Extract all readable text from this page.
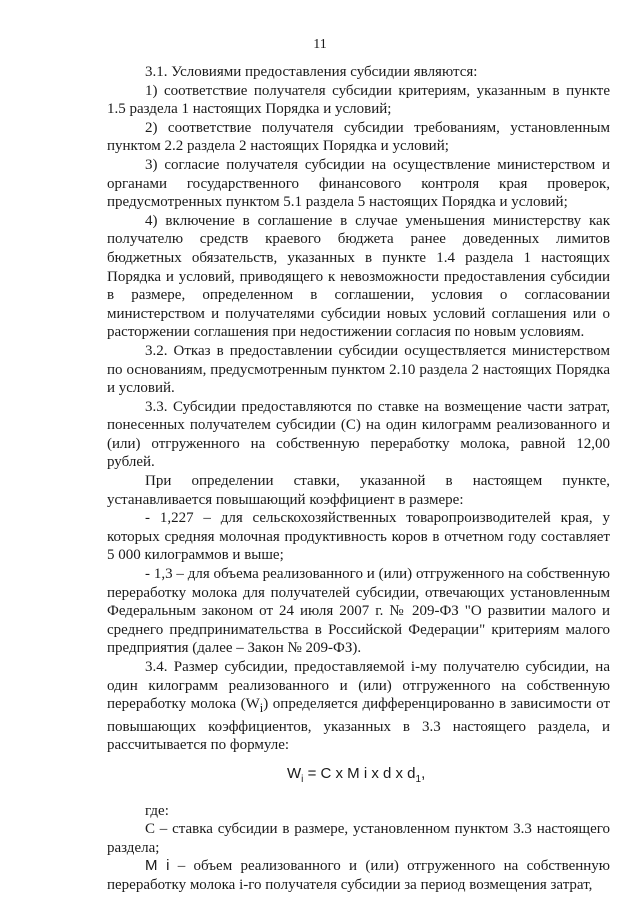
11

3.1. Условиями предоставления субсидии являются:

1) соответствие получателя субсидии критериям, указанным в пункте 1.5 раздела 1 настоящих Порядка и условий;

2) соответствие получателя субсидии требованиям, установленным пунктом 2.2 раздела 2 настоящих Порядка и условий;

3) согласие получателя субсидии на осуществление министерством и органами государственного финансового контроля края проверок, предусмотренных пунктом 5.1 раздела 5 настоящих Порядка и условий;

4) включение в соглашение в случае уменьшения министерству как получателю средств краевого бюджета ранее доведенных лимитов бюджетных обязательств, указанных в пункте 1.4 раздела 1 настоящих Порядка и условий, приводящего к невозможности предоставления субсидии в размере, определенном в соглашении, условия о согласовании министерством и получателями субсидии новых условий соглашения или о расторжении соглашения при недостижении согласия по новым условиям.

3.2. Отказ в предоставлении субсидии осуществляется министерством по основаниям, предусмотренным пунктом 2.10 раздела 2 настоящих Порядка и условий.

3.3. Субсидии предоставляются по ставке на возмещение части затрат, понесенных получателем субсидии (С) на один килограмм реализованного и (или) отгруженного на собственную переработку молока, равной 12,00 рублей.

При определении ставки, указанной в настоящем пункте, устанавливается повышающий коэффициент в размере:

- 1,227 – для сельскохозяйственных товаропроизводителей края, у которых средняя молочная продуктивность коров в отчетном году составляет 5 000 килограммов и выше;

- 1,3 – для объема реализованного и (или) отгруженного на собственную переработку молока для получателей субсидии, отвечающих установленным Федеральным законом от 24 июля 2007 г. № 209-ФЗ "О развитии малого и среднего предпринимательства в Российской Федерации" критериям малого предприятия (далее – Закон № 209-ФЗ).

3.4. Размер субсидии, предоставляемой i-му получателю субсидии, на один килограмм реализованного и (или) отгруженного на собственную переработку молока $(W_i)$ определяется дифференцированно в зависимости от повышающих коэффициентов, указанных в 3.3 настоящего раздела, и рассчитывается по формуле:

$W_i = C$ x M i x d x $d_1$,

где:

С – ставка субсидии в размере, установленном пунктом 3.3 настоящего раздела;

M i – объем реализованного и (или) отгруженного на собственную переработку молока i-го получателя субсидии за период возмещения затрат,
